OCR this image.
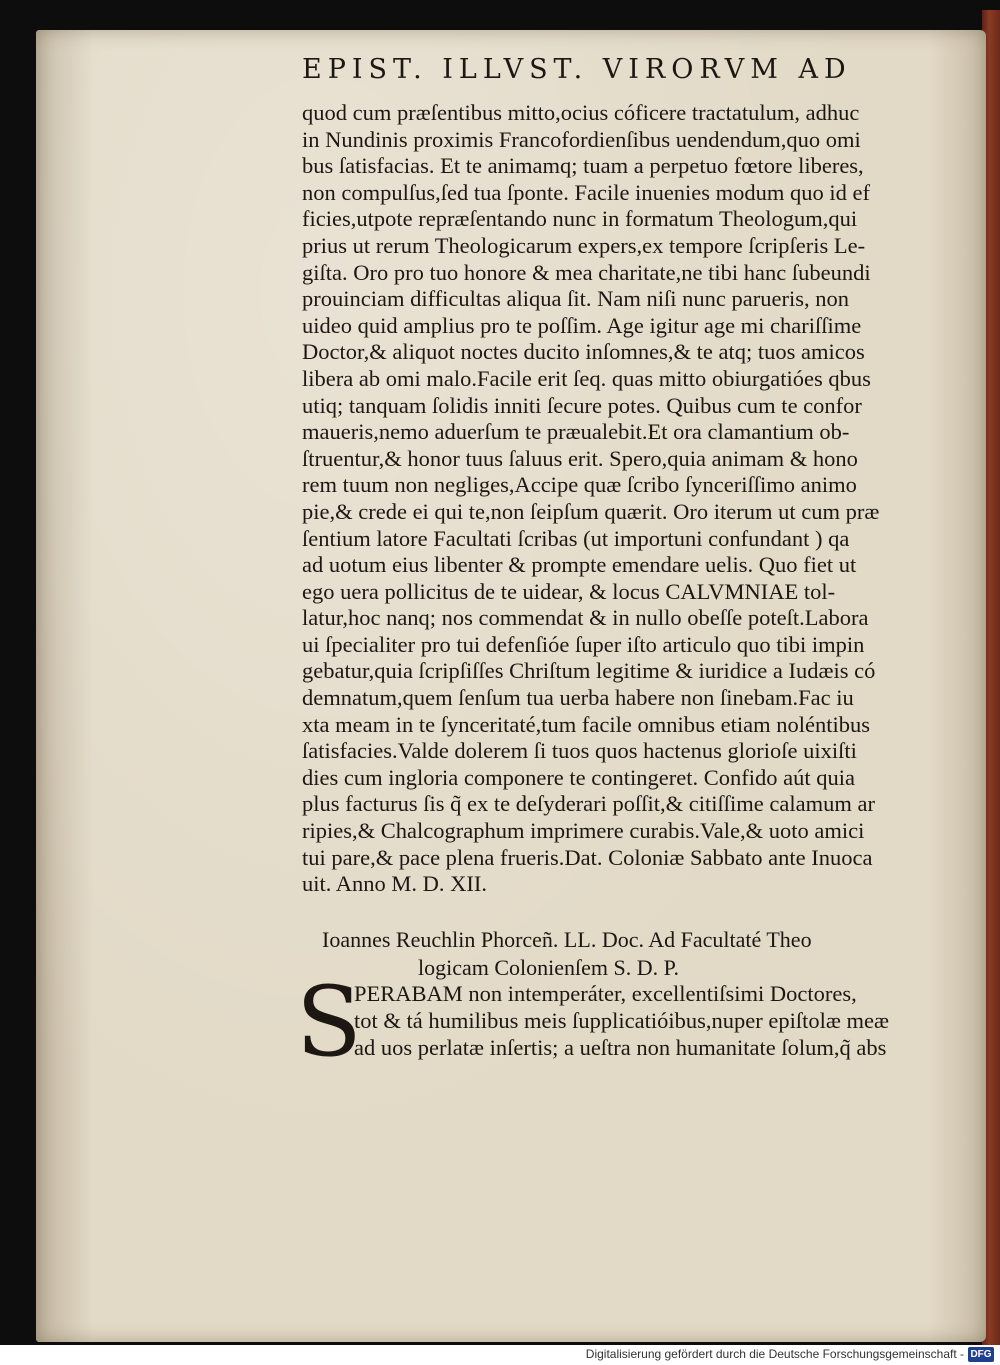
EPIST. ILLVST. VIRORVM AD
quod cum præſentibus mitto,ocius cóficere tractatulum, adhuc
in Nundinis proximis Francofordienſibus uendendum,quo omi
bus ſatisfacias. Et te animamq; tuam a perpetuo fœtore liberes,
non compulſus,ſed tua ſponte. Facile inuenies modum quo id ef
ficies,utpote repræſentando nunc in formatum Theologum,qui
prius ut rerum Theologicarum expers,ex tempore ſcripſeris Le-
giſta. Oro pro tuo honore & mea charitate,ne tibi hanc ſubeundi
prouinciam difficultas aliqua ſit. Nam niſi nunc parueris, non
uideo quid amplius pro te poſſim. Age igitur age mi chariſſime
Doctor,& aliquot noctes ducito inſomnes,& te atq; tuos amicos
libera ab omi malo.Facile erit ſeq. quas mitto obiurgatióes qbus
utiq; tanquam ſolidis inniti ſecure potes. Quibus cum te confor
maueris,nemo aduerſum te præualebit.Et ora clamantium ob-
ſtruentur,& honor tuus ſaluus erit. Spero,quia animam & hono
rem tuum non negliges,Accipe quæ ſcribo ſynceriſſimo animo
pie,& crede ei qui te,non ſeipſum quærit. Oro iterum ut cum præ
ſentium latore Facultati ſcribas (ut importuni confundant ) qa
ad uotum eius libenter & prompte emendare uelis. Quo fiet ut
ego uera pollicitus de te uidear, & locus CALVMNIAE tol-
latur,hoc nanq; nos commendat & in nullo obeſſe poteſt.Labora
ui ſpecialiter pro tui defenſióe ſuper iſto articulo quo tibi impin
gebatur,quia ſcripſiſſes Chriſtum legitime & iuridice a Iudæis có
demnatum,quem ſenſum tua uerba habere non ſinebam.Fac iu
xta meam in te ſynceritaté,tum facile omnibus etiam noléntibus
ſatisfacies.Valde dolerem ſi tuos quos hactenus glorioſe uixiſti
dies cum ingloria componere te contingeret. Confido aút quia
plus facturus ſis q̃ ex te deſyderari poſſit,& citiſſime calamum ar
ripies,& Chalcographum imprimere curabis.Vale,& uoto amici
tui pare,& pace plena frueris.Dat. Coloniæ Sabbato ante Inuoca
uit. Anno M. D. XII.
Ioannes Reuchlin Phorceñ. LL. Doc. Ad Facultaté Theo
logicam Colonienſem S. D. P.
S
PERABAM non intemperáter, excellentiſsimi Doctores,
tot & tá humilibus meis ſupplicatióibus,nuper epiſtolæ meæ
ad uos perlatæ inſertis; a ueſtra non humanitate ſolum,q̃ abs
Digitalisierung gefördert durch die Deutsche Forschungsgemeinschaft - DFG
